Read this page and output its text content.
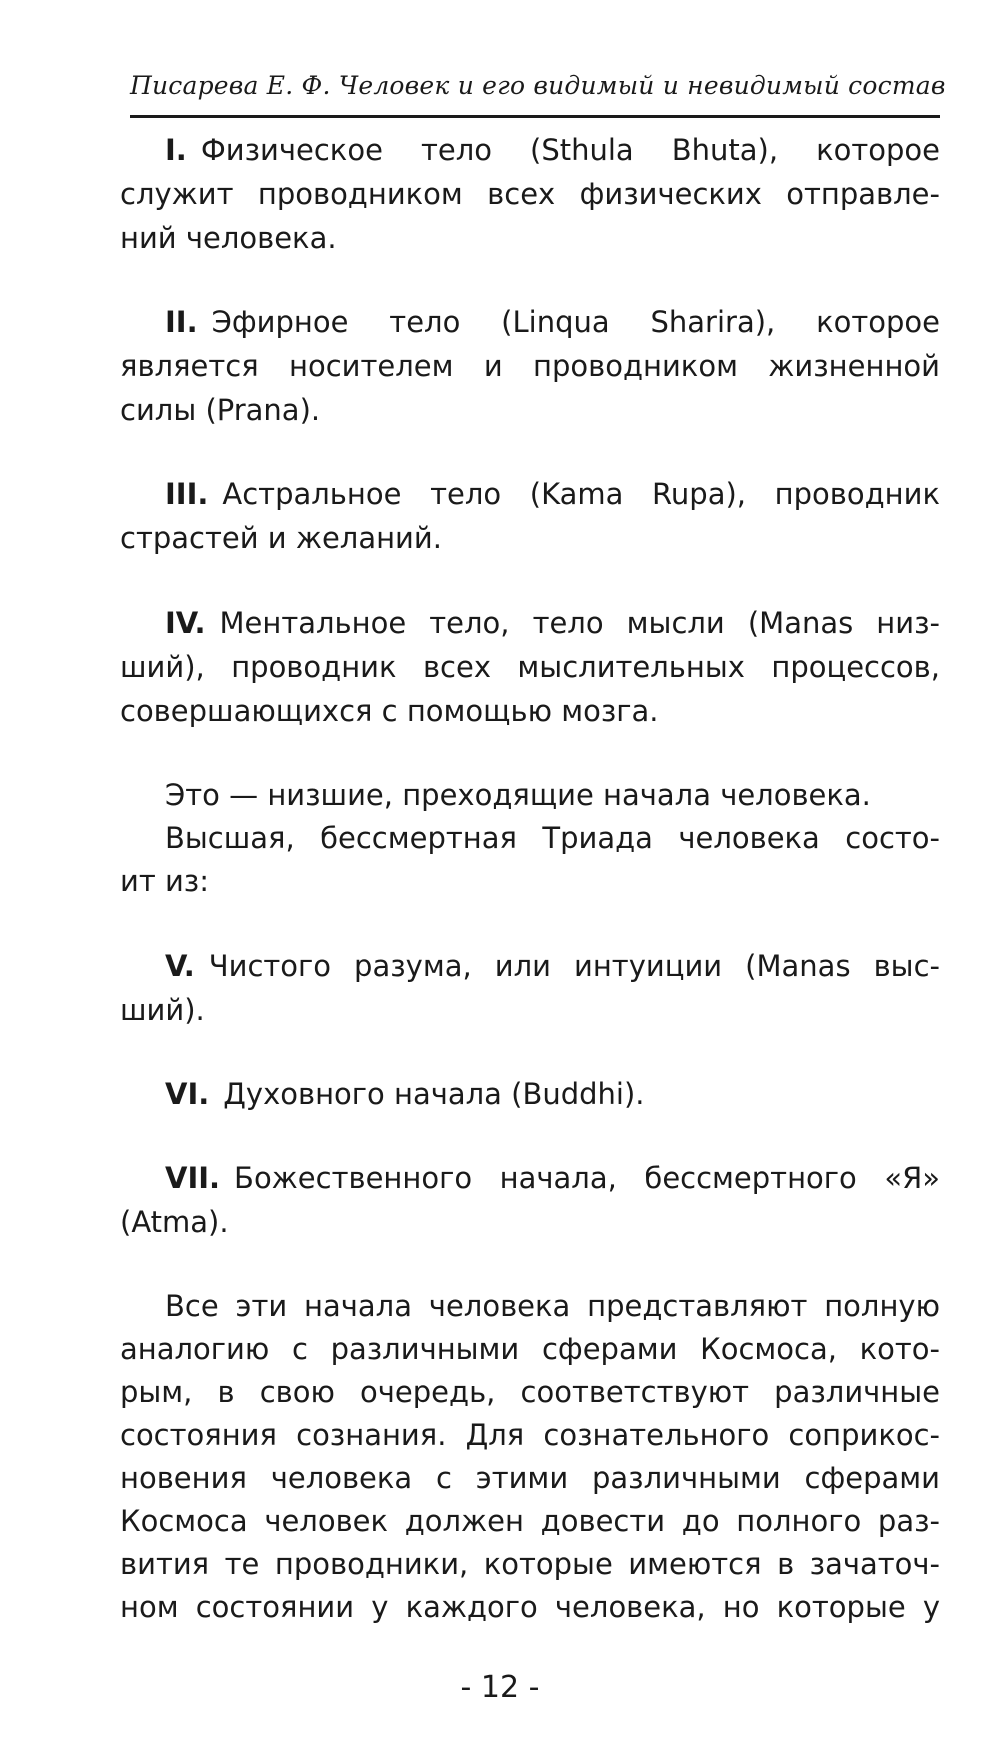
Писарева Е. Ф. Человек и его видимый и невидимый состав
I. Физическое тело (Sthula Bhuta), которое
служит проводником всех физических отправле-
ний человека.
II. Эфирное тело (Linqua Sharira), которое
является носителем и проводником жизненной
силы (Prana).
III. Астральное тело (Kama Rupa), проводник
страстей и желаний.
IV. Ментальное тело, тело мысли (Manas низ-
ший), проводник всех мыслительных процессов,
совершающихся с помощью мозга.
Это — низшие, преходящие начала человека.
Высшая, бессмертная Триада человека состо-
ит из:
V. Чистого разума, или интуиции (Manas выс-
ший).
VI. Духовного начала (Buddhi).
VII. Божественного начала, бессмертного «Я»
(Atma).
Все эти начала человека представляют полную
аналогию с различными сферами Космоса, кото-
рым, в свою очередь, соответствуют различные
состояния сознания. Для сознательного соприкос-
новения человека с этими различными сферами
Космоса человек должен довести до полного раз-
вития те проводники, которые имеются в зачаточ-
ном состоянии у каждого человека, но которые у
- 12 -
